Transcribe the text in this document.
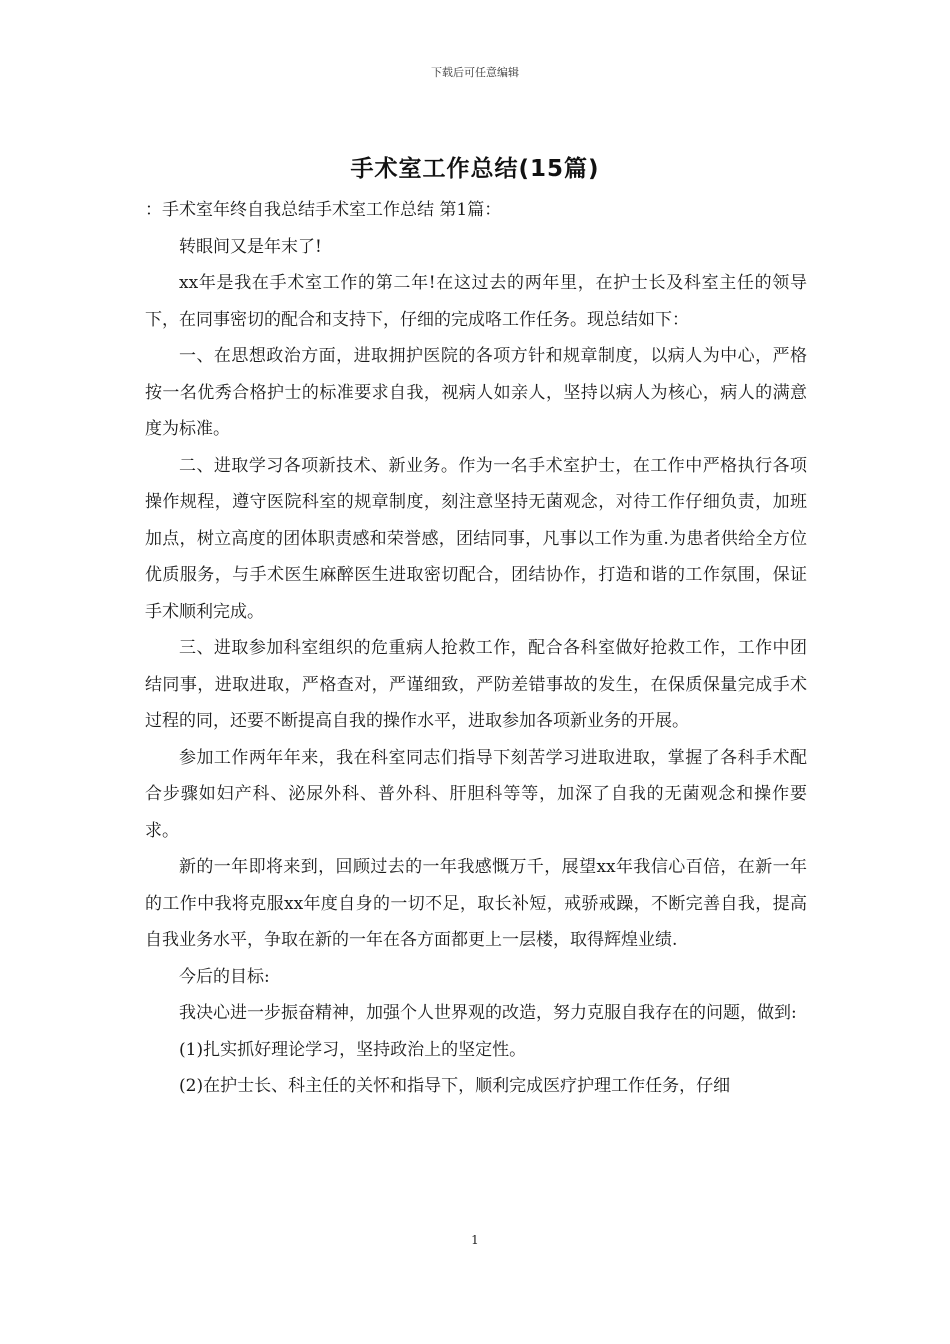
下载后可任意编辑
手术室工作总结(15篇)

：手术室年终自我总结手术室工作总结 第1篇：

转眼间又是年末了!

xx年是我在手术室工作的第二年!在这过去的两年里，在护士长及科室主任的领导下，在同事密切的配合和支持下，仔细的完成咯工作任务。现总结如下：

一、在思想政治方面，进取拥护医院的各项方针和规章制度，以病人为中心，严格按一名优秀合格护士的标准要求自我，视病人如亲人，坚持以病人为核心，病人的满意度为标准。

二、进取学习各项新技术、新业务。作为一名手术室护士，在工作中严格执行各项操作规程，遵守医院科室的规章制度，刻注意坚持无菌观念，对待工作仔细负责，加班加点，树立高度的团体职责感和荣誉感，团结同事，凡事以工作为重.为患者供给全方位优质服务，与手术医生麻醉医生进取密切配合，团结协作，打造和谐的工作氛围，保证手术顺利完成。

三、进取参加科室组织的危重病人抢救工作，配合各科室做好抢救工作，工作中团结同事，进取进取，严格查对，严谨细致，严防差错事故的发生，在保质保量完成手术过程的同，还要不断提高自我的操作水平，进取参加各项新业务的开展。

参加工作两年年来，我在科室同志们指导下刻苦学习进取进取，掌握了各科手术配合步骤如妇产科、泌尿外科、普外科、肝胆科等等，加深了自我的无菌观念和操作要求。

新的一年即将来到，回顾过去的一年我感慨万千，展望xx年我信心百倍，在新一年的工作中我将克服xx年度自身的一切不足，取长补短，戒骄戒躁，不断完善自我，提高自我业务水平，争取在新的一年在各方面都更上一层楼，取得辉煌业绩.

今后的目标:

我决心进一步振奋精神，加强个人世界观的改造，努力克服自我存在的问题，做到:

(1)扎实抓好理论学习，坚持政治上的坚定性。

(2)在护士长、科主任的关怀和指导下，顺利完成医疗护理工作任务，仔细

1
